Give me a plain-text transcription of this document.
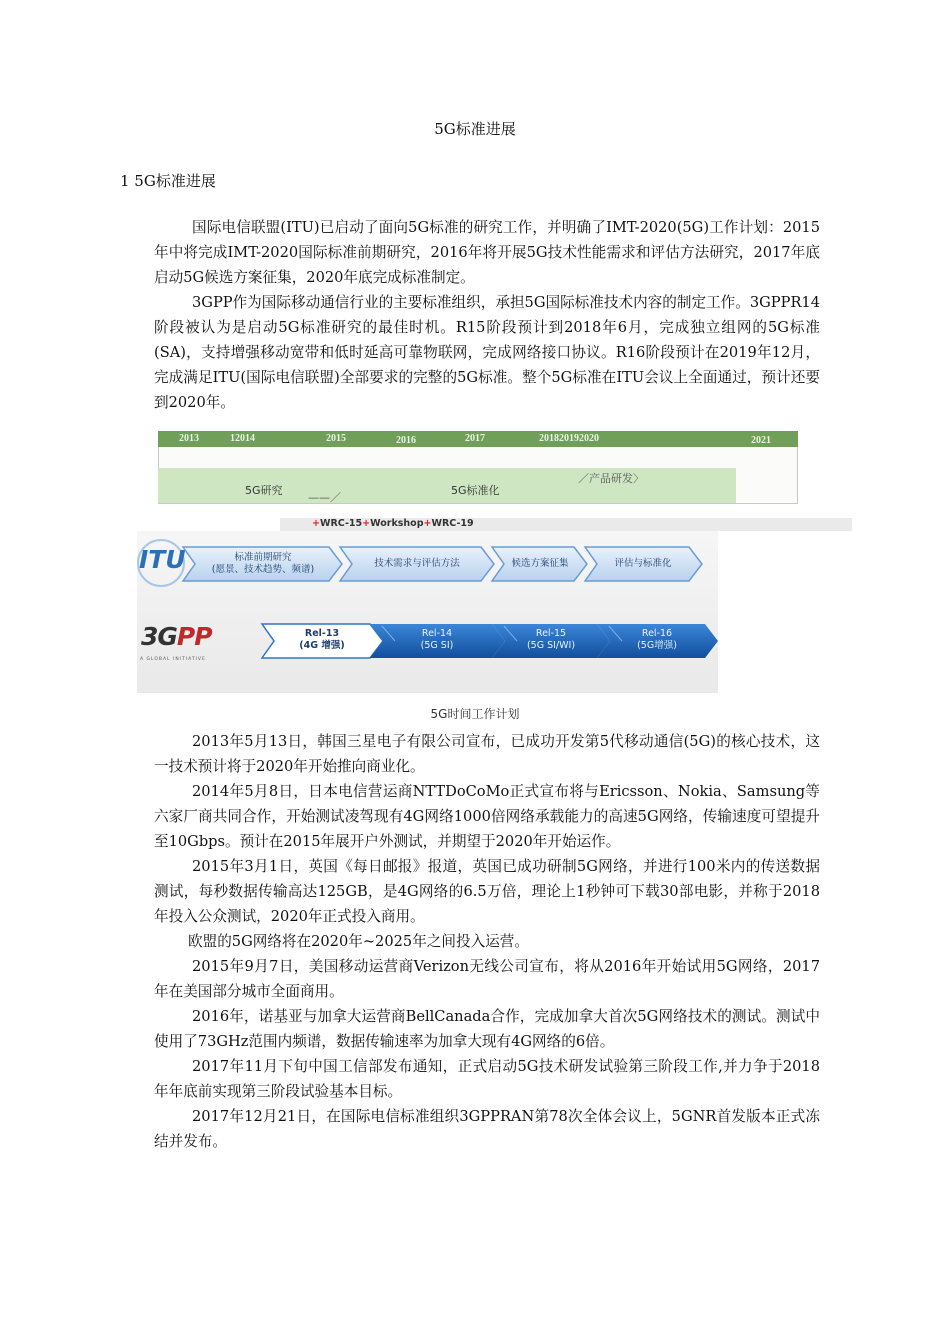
5G标准进展
1 5G标准进展

国际电信联盟(ITU)已启动了面向5G标准的研究工作，并明确了IMT-2020(5G)工作计划：2015年中将完成IMT-2020国际标准前期研究，2016年将开展5G技术性能需求和评估方法研究，2017年底启动5G候选方案征集，2020年底完成标准制定。

3GPP作为国际移动通信行业的主要标准组织，承担5G国际标准技术内容的制定工作。3GPPR14阶段被认为是启动5G标准研究的最佳时机。R15阶段预计到2018年6月，完成独立组网的5G标准(SA)，支持增强移动宽带和低时延高可靠物联网，完成网络接口协议。R16阶段预计在2019年12月，完成满足ITU(国际电信联盟)全部要求的完整的5G标准。整个5G标准在ITU会议上全面通过，预计还要到2020年。

2013	12014	2015	2016	2017	201820192020	2021
5G研究
——／
5G标准化
／产品研发〉
+WRC-15+Workshop+WRC-19
ITU
3GPP
A GLOBAL INITIATIVE
标准前期研究
(愿景、技术趋势、频谱)
技术需求与评估方法	候选方案征集	评估与标准化
Rel-13
(4G 增强)
Rel-14
(5G SI)
Rel-15
(5G SI/WI)
Rel-16
(5G增强)
5G时间工作计划

2013年5月13日，韩国三星电子有限公司宣布，已成功开发第5代移动通信(5G)的核心技术，这一技术预计将于2020年开始推向商业化。

2014年5月8日，日本电信营运商NTTDoCoMo正式宣布将与Ericsson、Nokia、Samsung等六家厂商共同合作，开始测试凌驾现有4G网络1000倍网络承载能力的高速5G网络，传输速度可望提升至10Gbps。预计在2015年展开户外测试，并期望于2020年开始运作。

2015年3月1日，英国《每日邮报》报道，英国已成功研制5G网络，并进行100米内的传送数据测试，每秒数据传输高达125GB，是4G网络的6.5万倍，理论上1秒钟可下载30部电影，并称于2018年投入公众测试，2020年正式投入商用。

欧盟的5G网络将在2020年~2025年之间投入运营。

2015年9月7日，美国移动运营商Verizon无线公司宣布，将从2016年开始试用5G网络，2017年在美国部分城市全面商用。

2016年，诺基亚与加拿大运营商BellCanada合作，完成加拿大首次5G网络技术的测试。测试中使用了73GHz范围内频谱，数据传输速率为加拿大现有4G网络的6倍。

2017年11月下旬中国工信部发布通知，正式启动5G技术研发试验第三阶段工作,并力争于2018年年底前实现第三阶段试验基本目标。

2017年12月21日，在国际电信标准组织3GPPRAN第78次全体会议上，5GNR首发版本正式冻结并发布。
